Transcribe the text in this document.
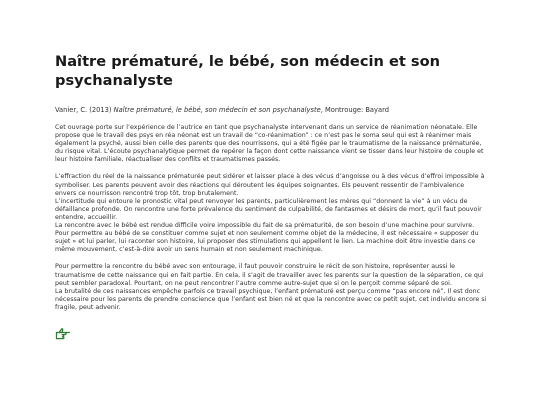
Naître prématuré, le bébé, son médecin et son psychanalyste

Vanier, C. (2013) Naître prématuré, le bébé, son médecin et son psychanalyste, Montrouge: Bayard

Cet ouvrage porte sur l’expérience de l’autrice en tant que psychanalyste intervenant dans un service de réanimation néonatale. Elle propose que le travail des psys en réa néonat est un travail de “co-réanimation” : ce n’est pas le soma seul qui est à réanimer mais également la psyché, aussi bien celle des parents que des nourrissons, qui a été figée par le traumatisme de la naissance prématurée, du risque vital. L’écoute psychanalytique permet de repérer la façon dont cette naissance vient se tisser dans leur histoire de couple et leur histoire familiale, réactualiser des conflits et traumatismes passés.

L’effraction du réel de la naissance prématurée peut sidérer et laisser place à des vécus d’angoisse ou à des vécus d’effroi impossible à symboliser. Les parents peuvent avoir des réactions qui déroutent les équipes soignantes. Els peuvent ressentir de l’ambivalence envers ce nourrisson rencontré trop tôt, trop brutalement.

L’incertitude qui entoure le pronostic vital peut renvoyer les parents, particulièrement les mères qui “donnent la vie” à un vécu de défaillance profonde. On rencontre une forte prévalence du sentiment de culpabilité, de fantasmes et désirs de mort, qu’il faut pouvoir entendre, accueillir.

La rencontre avec le bébé est rendue difficile voire impossible du fait de sa prématurité, de son besoin d’une machine pour survivre. Pour permettre au bébé de se constituer comme sujet et non seulement comme objet de la médecine, il est nécessaire « supposer du sujet » et lui parler, lui raconter son histoire, lui proposer des stimulations qui appellent le lien. La machine doit être investie dans ce même mouvement, c’est-à-dire avoir un sens humain et non seulement machinique.

Pour permettre la rencontre du bébé avec son entourage, il faut pouvoir construire le récit de son histoire, représenter aussi le traumatisme de cette naissance qui en fait partie. En cela, il s’agit de travailler avec les parents sur la question de la séparation, ce qui peut sembler paradoxal. Pourtant, on ne peut rencontrer l’autre comme autre-sujet que si on le perçoit comme séparé de soi.

La brutalité de ces naissances empêche parfois ce travail psychique, l’enfant prématuré est perçu comme “pas encore né”. Il est donc nécessaire pour les parents de prendre conscience que l’enfant est bien né et que la rencontre avec ce petit sujet, cet individu encore si fragile, peut advenir.
